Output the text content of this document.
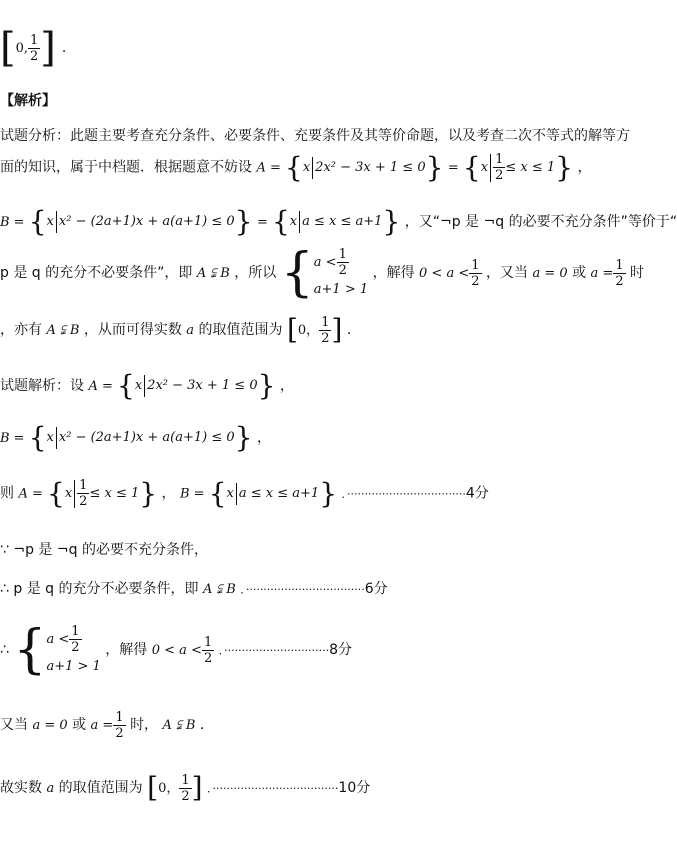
[0, $\frac{1}{2}$ ] .
【解析】
试题分析：此题主要考查充分条件、必要条件、充要条件及其等价命题，以及考查二次不等式的解等方
面的知识，属于中档题．根据题意不妨设 A = { x 2x² − 3x + 1 ≤ 0 } = { x $\frac{1}{2} \le x \le 1$ } ，
B = { x x² − (2a+1)x + a(a+1) ≤ 0 } = { x a ≤ x ≤ a+1 } ，又“¬p 是 ¬q 的必要不充分条件”等价于“
p 是 q 的充分不必要条件”，即 A ⫋ B ，所以 { $a < \frac{1}{2}$
a+1 > 1
，解得 $0 < a < \frac{1}{2}$ ，又当 a = 0 或 $a = \frac{1}{2}$ 时
，亦有 A ⫋ B ，从而可得实数 a 的取值范围为 [0， $\frac{1}{2}$ ] .
试题解析：设 A = { x 2x² − 3x + 1 ≤ 0 } ，
B = { x x² − (2a+1)x + a(a+1) ≤ 0 } ，
则 A = { x $\frac{1}{2} \le x \le 1$ } ， B = { x a ≤ x ≤ a+1 } ．··································4分
∵ ¬p 是 ¬q 的必要不充分条件，
∴ p 是 q 的充分不必要条件，即 A ⫋ B ．··································6分
∴ { $a < \frac{1}{2}$
a+1 > 1
，解得 $0 < a < \frac{1}{2}$ ．······························8分
又当 a = 0 或 $a = \frac{1}{2}$ 时， A ⫋ B ．
故实数 a 的取值范围为 [0， $\frac{1}{2}$ ] ．····································10分
